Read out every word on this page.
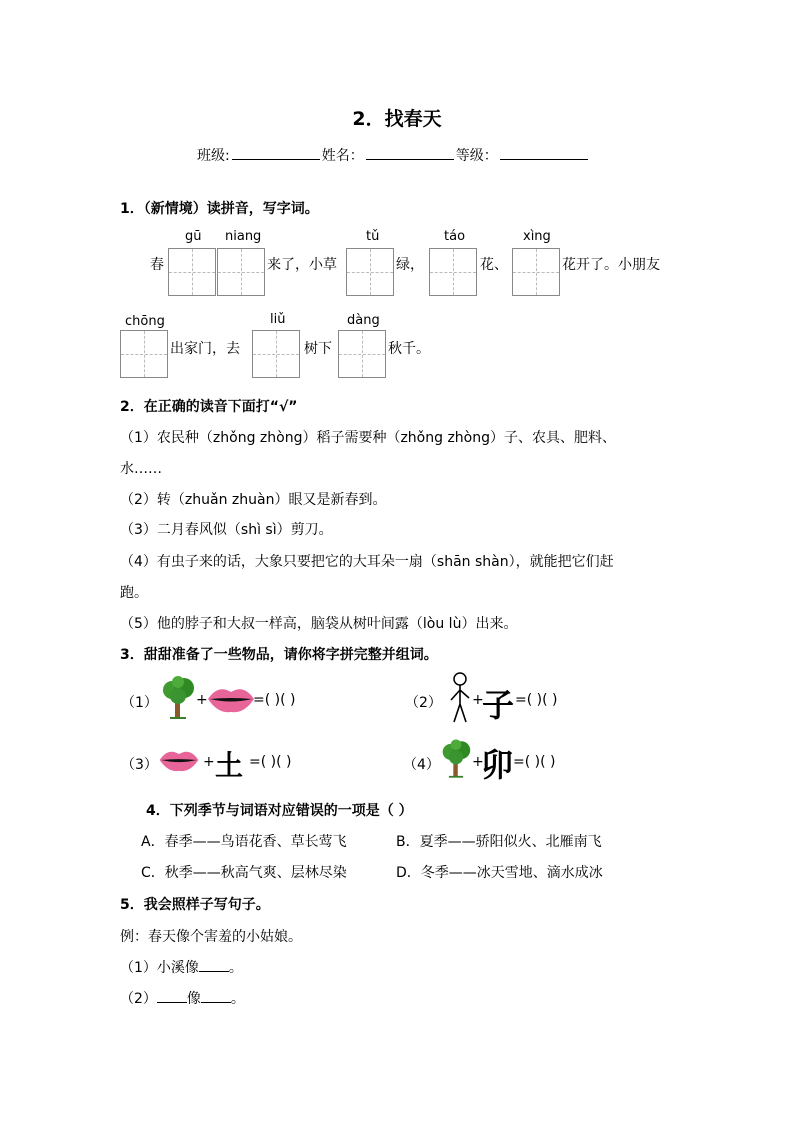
2．找春天
班级:	姓名：	等级：
1．（新情境）读拼音，写字词。
gū niang	tǔ	táo	xìng
春	来了，小草	绿，	花、	花开了。小朋友
chōng	liǔ	dàng
出家门，去	树下	秋千。
2．在正确的读音下面打“√”
（1）农民种（zhǒng zhòng）稻子需要种（zhǒng zhòng）子、农具、肥料、
水……
（2）转（zhuǎn zhuàn）眼又是新春到。
（3）二月春风似（shì sì）剪刀。
（4）有虫子来的话，大象只要把它的大耳朵一扇（shān shàn），就能把它们赶
跑。
（5）他的脖子和大叔一样高，脑袋从树叶间露（lòu lù）出来。
3．甜甜准备了一些物品，请你将字拼完整并组词。
（1）	+	=( )( )	（2） +
子 =( )( )
（3）	+ 土 =( )( )	（4） +
卯 =( )( )
4．下列季节与词语对应错误的一项是（ ）
A．春季——鸟语花香、草长莺飞	B．夏季——骄阳似火、北雁南飞
C．秋季——秋高气爽、层林尽染	D．冬季——冰天雪地、滴水成冰
5．我会照样子写句子。
例：春天像个害羞的小姑娘。
（1）小溪像 。
（2） 像 。
